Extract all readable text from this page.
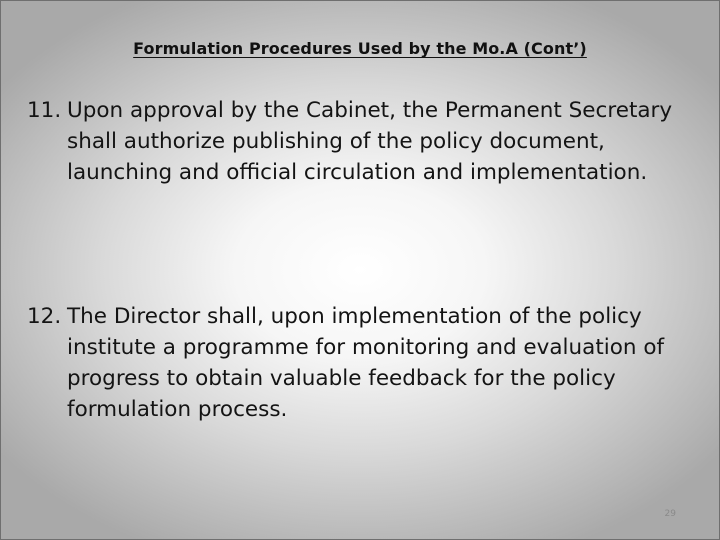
Formulation Procedures Used by the Mo.A (Cont’)
11. Upon approval by the Cabinet, the Permanent Secretary shall authorize publishing of the policy document, launching and official circulation and implementation.
12. The Director shall, upon implementation of the policy institute a programme for monitoring and evaluation of progress to obtain valuable feedback for the policy formulation process.
29
